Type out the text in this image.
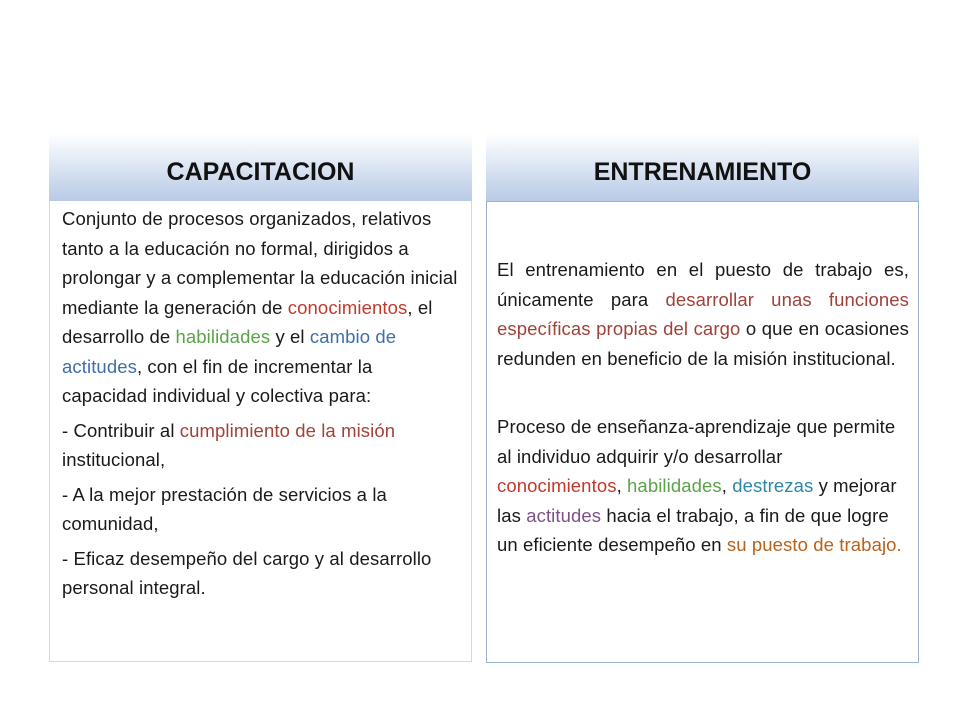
CAPACITACION

Conjunto de procesos organizados, relativos tanto a la educación no formal, dirigidos a prolongar y a complementar la educación inicial mediante la generación de conocimientos, el desarrollo de habilidades y el cambio de actitudes, con el fin de incrementar la capacidad individual y colectiva para:

- Contribuir al cumplimiento de la misión institucional,

- A la mejor prestación de servicios a la comunidad,

- Eficaz desempeño del cargo y al desarrollo personal integral.

ENTRENAMIENTO

El entrenamiento en el puesto de trabajo es, únicamente para desarrollar unas funciones específicas propias del cargo o que en ocasiones redunden en beneficio de la misión institucional.

Proceso de enseñanza-aprendizaje que permite al individuo adquirir y/o desarrollar conocimientos, habilidades, destrezas y mejorar las actitudes hacia el trabajo, a fin de que logre un eficiente desempeño en su puesto de trabajo.
